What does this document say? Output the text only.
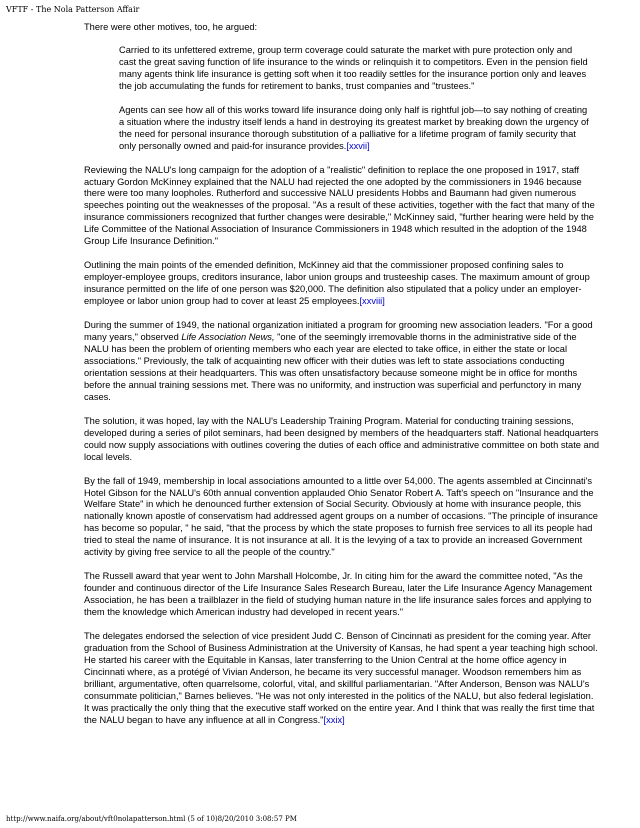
VFTF - The Nola Patterson Affair

There were other motives, too, he argued:

Carried to its unfettered extreme, group term coverage could saturate the market with pure protection only and cast the great saving function of life insurance to the winds or relinquish it to competitors. Even in the pension field many agents think life insurance is getting soft when it too readily settles for the insurance portion only and leaves the job accumulating the funds for retirement to banks, trust companies and "trustees."
Agents can see how all of this works toward life insurance doing only half is rightful job—to say nothing of creating a situation where the industry itself lends a hand in destroying its greatest market by breaking down the urgency of the need for personal insurance thorough substitution of a palliative for a lifetime program of family security that only personally owned and paid-for insurance provides.[xxvii]

Reviewing the NALU's long campaign for the adoption of a "realistic" definition to replace the one proposed in 1917, staff actuary Gordon McKinney explained that the NALU had rejected the one adopted by the commissioners in 1946 because there were too many loopholes. Rutherford and successive NALU presidents Hobbs and Baumann had given numerous speeches pointing out the weaknesses of the proposal. "As a result of these activities, together with the fact that many of the insurance commissioners recognized that further changes were desirable," McKinney said, "further hearing were held by the Life Committee of the National Association of Insurance Commissioners in 1948 which resulted in the adoption of the 1948 Group Life Insurance Definition."

Outlining the main points of the emended definition, McKinney aid that the commissioner proposed confining sales to employer-employee groups, creditors insurance, labor union groups and trusteeship cases. The maximum amount of group insurance permitted on the life of one person was $20,000. The definition also stipulated that a policy under an employer-employee or labor union group had to cover at least 25 employees.[xxviii]

During the summer of 1949, the national organization initiated a program for grooming new association leaders. "For a good many years," observed Life Association News, "one of the seemingly irremovable thorns in the administrative side of the NALU has been the problem of orienting members who each year are elected to take office, in either the state or local associations." Previously, the talk of acquainting new officer with their duties was left to state associations conducting orientation sessions at their headquarters. This was often unsatisfactory because someone might be in office for months before the annual training sessions met. There was no uniformity, and instruction was superficial and perfunctory in many cases.

The solution, it was hoped, lay with the NALU's Leadership Training Program. Material for conducting training sessions, developed during a series of pilot seminars, had been designed by members of the headquarters staff. National headquarters could now supply associations with outlines covering the duties of each office and administrative committee on both state and local levels.

By the fall of 1949, membership in local associations amounted to a little over 54,000. The agents assembled at Cincinnati's Hotel Gibson for the NALU's 60th annual convention applauded Ohio Senator Robert A. Taft's speech on "Insurance and the Welfare State" in which he denounced further extension of Social Security. Obviously at home with insurance people, this nationally known apostle of conservatism had addressed agent groups on a number of occasions. "The principle of insurance has become so popular, " he said, "that the process by which the state proposes to furnish free services to all its people had tried to steal the name of insurance. It is not insurance at all. It is the levying of a tax to provide an increased Government activity by giving free service to all the people of the country."

The Russell award that year went to John Marshall Holcombe, Jr. In citing him for the award the committee noted, "As the founder and continuous director of the Life Insurance Sales Research Bureau, later the Life Insurance Agency Management Association, he has been a trailblazer in the field of studying human nature in the life insurance sales forces and applying to them the knowledge which American industry had developed in recent years."

The delegates endorsed the selection of vice president Judd C. Benson of Cincinnati as president for the coming year. After graduation from the School of Business Administration at the University of Kansas, he had spent a year teaching high school. He started his career with the Equitable in Kansas, later transferring to the Union Central at the home office agency in Cincinnati where, as a protégé of Vivian Anderson, he became its very successful manager. Woodson remembers him as brilliant, argumentative, often quarrelsome, colorful, vital, and skillful parliamentarian. "After Anderson, Benson was NALU's consummate politician," Barnes believes. "He was not only interested in the politics of the NALU, but also federal legislation. It was practically the only thing that the executive staff worked on the entire year. And I think that was really the first time that the NALU began to have any influence at all in Congress."[xxix]

http://www.naifa.org/about/vft0nolapatterson.html (5 of 10)8/20/2010 3:08:57 PM
